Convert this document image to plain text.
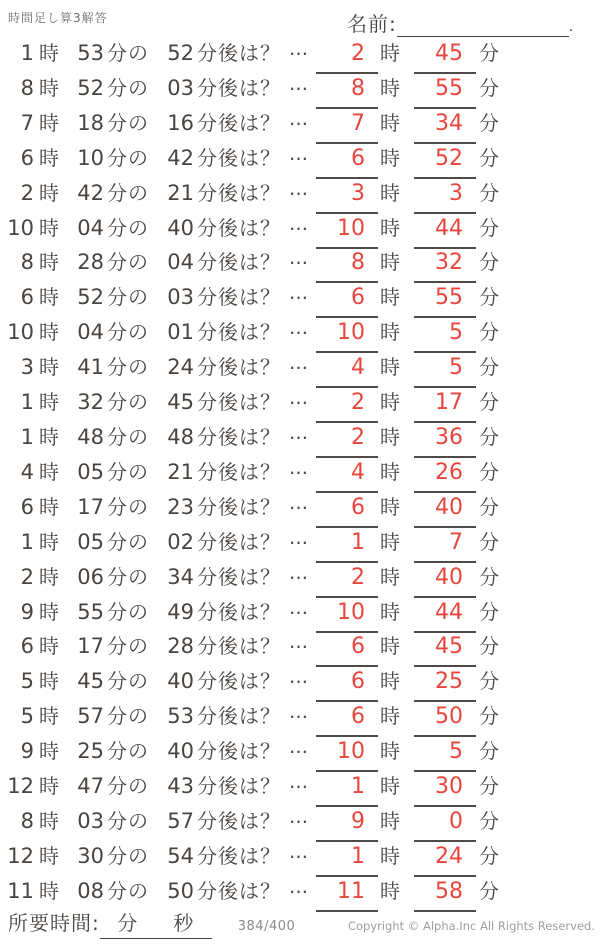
時間足し算3解答	名前:	.
1 時 53 分の 52 分後は？ …	2 時	45 分
8 時 52 分の 03 分後は？ …	8 時	55 分
7 時 18 分の 16 分後は？ …	7 時	34 分
6 時 10 分の 42 分後は？ …	6 時	52 分
2 時 42 分の 21 分後は？ …	3 時	3 分
10 時 04 分の 40 分後は？ …	10 時	44 分
8 時 28 分の 04 分後は？ …	8 時	32 分
6 時 52 分の 03 分後は？ …	6 時	55 分
10 時 04 分の 01 分後は？ …	10 時	5 分
3 時 41 分の 24 分後は？ …	4 時	5 分
1 時 32 分の 45 分後は？ …	2 時	17 分
1 時 48 分の 48 分後は？ …	2 時	36 分
4 時 05 分の 21 分後は？ …	4 時	26 分
6 時 17 分の 23 分後は？ …	6 時	40 分
1 時 05 分の 02 分後は？ …	1 時	7 分
2 時 06 分の 34 分後は？ …	2 時	40 分
9 時 55 分の 49 分後は？ …	10 時	44 分
6 時 17 分の 28 分後は？ …	6 時	45 分
5 時 45 分の 40 分後は？ …	6 時	25 分
5 時 57 分の 53 分後は？ …	6 時	50 分
9 時 25 分の 40 分後は？ …	10 時	5 分
12 時 47 分の 43 分後は？ …	1 時	30 分
8 時 03 分の 57 分後は？ …	9 時	0 分
12 時 30 分の 54 分後は？ …	1 時	24 分
11 時 08 分の 50 分後は？ …	11 時	58 分
所要時間: 分 秒	384/400	Copyright © Alpha.Inc All Rights Reserved.
